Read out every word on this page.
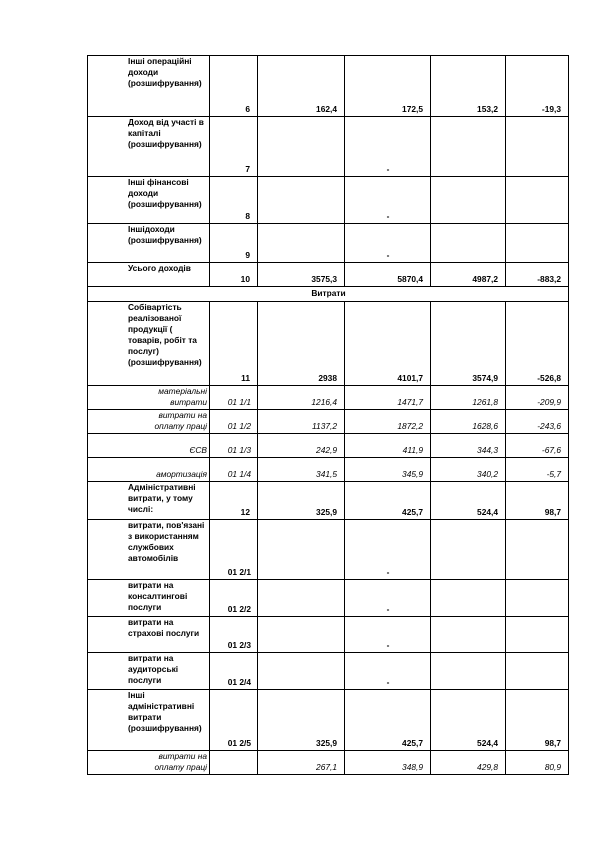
Інші операційні доходи (розшифрування)	6	162,4	172,5	153,2	-19,3
Доход від участі в капіталі (розшифрування)	7		-		
Інші фінансові доходи (розшифрування)	8		-		
Іншідоходи (розшифрування)	9		-		
Усього доходів	10	3575,3	5870,4	4987,2	-883,2
Витрати					
Собівартість реалізованої продукції ( товарів, робіт та послуг) (розшифрування)	11	2938	4101,7	3574,9	-526,8

матеріальні витрати	01 1/1	1216,4	1471,7	1261,8	-209,9

витрати на оплату праці	01 1/2	1137,2	1872,2	1628,6	-243,6

ЄСВ	01 1/3	242,9	411,9	344,3	-67,6

амортизація	01 1/4	341,5	345,9	340,2	-5,7
Адміністративні витрати, у тому числі:	12	325,9	425,7	524,4	98,7
витрати, пов'язані з використанням службових автомобілів	01 2/1		-		
витрати на консалтингові послуги	01 2/2		-		
витрати на страхові послуги	01 2/3		-		
витрати на аудиторські послуги	01 2/4		-		
Інші адміністративні витрати (розшифрування)	01 2/5	325,9	425,7	524,4	98,7

витрати на оплату праці		267,1	348,9	429,8	80,9
